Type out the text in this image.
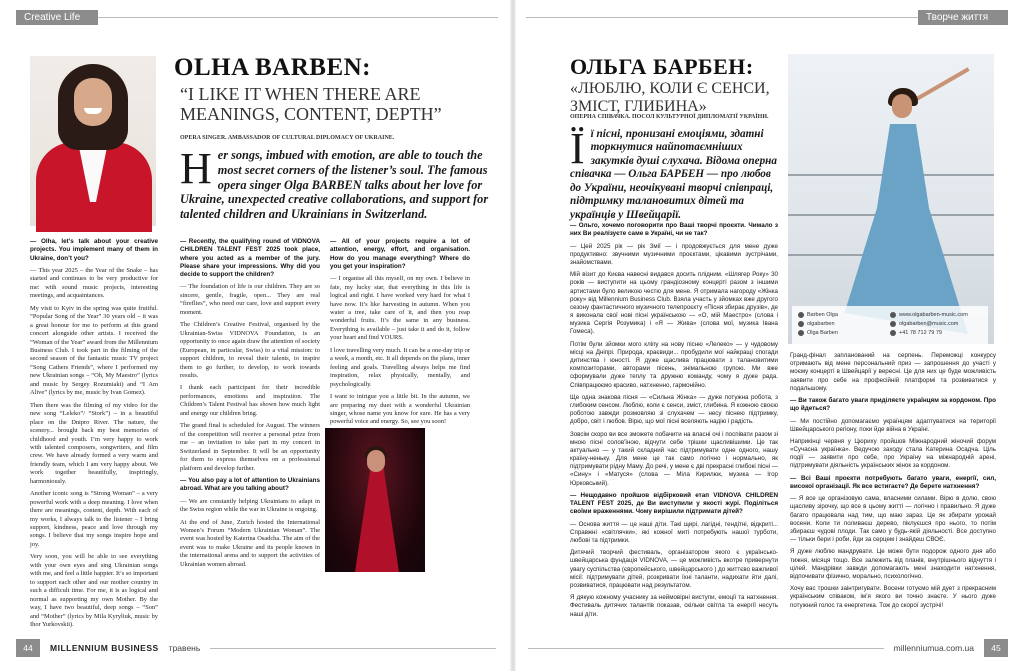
Creative Life	Творче життя
Barben Olga
olgabarben
Olga Barben
www.olgabarben-music.com
olgabarben@music.com
+41 78 712 79 79
OLHA BARBEN:
“I LIKE IT WHEN THERE ARE MEANINGS, CONTENT, DEPTH”
OPERA SINGER. AMBASSADOR OF CULTURAL DIPLOMACY OF UKRAINE.
Her songs, imbued with emotion, are able to touch the most secret corners of the listener’s soul. The famous opera singer Olga BARBEN talks about her love for Ukraine, unexpected creative collaborations, and support for talented children and Ukrainians in Switzerland.
ОЛЬГА БАРБЕН:
«ЛЮБЛЮ, КОЛИ Є СЕНСИ, ЗМІСТ, ГЛИБИНА»
ОПЕРНА СПІВАЧКА. ПОСОЛ КУЛЬТУРНОЇ ДИПЛОМАТІЇ УКРАЇНИ.
Її пісні, пронизані емоціями, здатні торкнутися найпотаємніших закутків душі слухача. Відома оперна співачка — Ольга БАРБЕН — про любов до України, неочікувані творчі співпраці, підтримку талановитих дітей та українців у Швейцарії.

— Olha, let’s talk about your creative projects. You implement many of them in Ukraine, don’t you?

— This year 2025 – the Year of the Snake – has started and continues to be very productive for me: with sound music projects, interesting meetings, and acquaintances.

My visit to Kyiv in the spring was quite fruitful. “Popular Song of the Year” 30 years old – it was a great honour for me to perform at this grand concert alongside other artists. I received the “Woman of the Year” award from the Millennium Business Club. I took part in the filming of the second season of the fantastic music TV project “Song Cathers Friends”, where I performed my new Ukrainian songs – “Oh, My Maestro” (lyrics and music by Sergey Rozumiaki) and “I Am Alive” (lyrics by me, music by Ivan Gomez).

Then there was the filming of my video for the new song “Leleko”/ “Stork”) – in a beautiful place on the Dnipro River. The nature, the scenery... brought back my best memories of childhood and youth. I’m very happy to work with talented composers, songwriters, and film crew. We have already formed a very warm and friendly team, which I am very happy about. We work together beautifully, inspiringly, harmoniously.

Another iconic song is “Strong Woman” – a very powerful work with a deep meaning. I love when there are meanings, content, depth. With each of my works, I always talk to the listener – I bring support, kindness, peace and love through my songs. I believe that my songs inspire hope and joy.

Very soon, you will be able to see everything with your own eyes and sing Ukrainian songs with me, and feel a little happier. It’s so important to support each other and our mother country in such a difficult time. For me, it is as logical and normal as supporting my own Mother. By the way, I have two beautiful, deep songs – “Son” and “Mother” (lyrics by Mila Kyryliuk, music by Ihor Yurkovskii).

— Recently, the qualifying round of VIDNOVA CHILDREN TALENT FEST 2025 took place, where you acted as a member of the jury. Please share your impressions. Why did you decide to support the children?

— The foundation of life is our children. They are so sincere, gentle, fragile, open... They are real “fireflies”, who need our care, love and support every moment.

The Children’s Creative Festival, organised by the Ukrainian-Swiss VIDNOVA Foundation, is an opportunity to once again draw the attention of society (European, in particular, Swiss) to a vital mission: to support children, to reveal their talents, to inspire them to go further, to develop, to work towards results.

I thank each participant for their incredible performances, emotions and inspiration. The Children’s Talent Festival has shown how much light and energy our children bring.

The grand final is scheduled for August. The winners of the competition will receive a personal prize from me – an invitation to take part in my concert in Switzerland in September. It will be an opportunity for them to express themselves on a professional platform and develop further.

— You also pay a lot of attention to Ukrainians abroad. What are you talking about?

— We are constantly helping Ukrainians to adapt in the Swiss region while the war in Ukraine is ongoing.

At the end of June, Zurich hosted the International Women’s Forum “Modern Ukrainian Woman”. The event was hosted by Katerina Osadcha. The aim of the event was to make Ukraine and its people known in the international arena and to support the activities of Ukrainian women abroad.

— All of your projects require a lot of attention, energy, effort, and organisation. How do you manage everything? Where do you get your inspiration?

— I organise all this myself, on my own. I believe in fate, my lucky star, that everything in this life is logical and right. I have worked very hard for what I have now. It’s like harvesting in autumn. When you water a tree, take care of it, and then you reap wonderful fruits. It’s the same in any business. Everything is available – just take it and do it, follow your heart and find YOURS.

I love travelling very much. It can be a one-day trip or a week, a month, etc. It all depends on the plans, inner feeling and goals. Travelling always helps me find inspiration, relax physically, mentally, and psychologically.

I want to intrigue you a little bit. In the autumn, we are preparing my duet with a wonderful Ukrainian singer, whose name you know for sure. He has a very powerful voice and energy. So, see you soon!

— Ольго, хочемо поговорити про Ваші творчі проєкти. Чимало з них Ви реалізуєте саме в Україні, чи не так?

— Цей 2025 рік — рік Змії — і продовжується для мене дуже продуктивно: звучними музичними проєктами, цікавими зустрічами, знайомствами.

Мій візит до Києва навесні видався досить плідним. «Шлягер Року» 30 років — виступити на цьому грандіозному концерті разом з іншими артистами було великою честю для мене. Я отримала нагороду «Жінка року» від Millennium Business Club. Взяла участь у зйомках вже другого сезону фантастичного музичного телепроєкту «Пісня збирає друзів», де я виконала свої нові пісні українською — «О, мій Маестро» (слова і музика Сергія Розумика) і «Я — Жива» (слова мої, музика Івана Гомеса).

Потім були зйомки мого кліпу на нову пісню «Лелеко» — у чудовому місці на Дніпрі. Природа, краєвиди... пробудили мої найкращі спогади дитинства і юності. Я дуже щаслива працювати з талановитими композиторами, авторами пісень, знімальною групою. Ми вже сформували дуже теплу та дружню команду, чому я дуже рада. Співпрацюємо красиво, натхненно, гармонійно.

Ще одна знакова пісня — «Сильна Жінка» — дуже потужна робота, з глибоким сенсом. Люблю, коли є сенси, зміст, глибина. Я кожною своєю роботою завжди розмовляю зі слухачем — несу піснею підтримку, добро, світ і любов. Вірю, що мої пісні вселяють надію і радість.

Зовсім скоро ви все зможете побачити на власні очі і поспівати разом зі мною пісні солов'їною, відчути себе трішки щасливішими. Це так актуально — у такий складний час підтримувати одне одного, нашу країну-неньку. Для мене це так само логічно і нормально, як підтримувати рідну Маму. До речі, у мене є дві прекрасні глибокі пісні — «Сину» і «Матуся» (слова — Міла Кирилюк, музика — Ігор Юрковський).

— Нещодавно пройшов відбірковий етап VIDNOVA CHILDREN TALENT FEST 2025, де Ви виступили у якості журі. Поділіться своїми враженнями. Чому вирішили підтримати дітей?

— Основа життя — це наші діти. Такі щирі, лагідні, тендітні, відкриті... Справжні «світлячки», які кожної миті потребують нашої турботи, любові та підтримки.

Дитячий творчий фестиваль, організатором якого є українсько-швейцарська фундація VIDNOVA, — це можливість вкотре привернути увагу суспільства (європейського, швейцарського ) до життєво важливої місії: підтримувати дітей, розкривати їхні таланти, надихати йти далі, розвиватися, працювати над результатом.

Я дякую кожному учаснику за неймовірні виступи, емоції та натхнення. Фестиваль дитячих талантів показав, скільки світла та енергії несуть наші діти.

Гранд-фінал запланований на серпень. Переможці конкурсу отримають від мене персональний приз — запрошення до участі у моєму концерті в Швейцарії у вересні. Це для них це буде можливість заявити про себе на професійній платформі та розвиватися у подальшому.

— Ви також багато уваги приділяєте українцям за кордоном. Про що йдеться?

— Ми постійно допомагаємо українцям адаптуватися на території Швейцарського регіону, поки йде війна в Україні.

Наприкінці червня у Цюриху пройшов Міжнародний жіночий форум «Сучасна українка». Ведучою заходу стала Катерина Осадча. Ціль події — заявити про себе, про Україну на міжнародній арені, підтримувати діяльність українських жінок за кордоном.

— Всі Ваші проєкти потребують багато уваги, енергії, сил, високої організації. Як все встигаєте? Де берете натхнення?

— Я все це організовую сама, власними силами. Вірю в долю, свою щасливу зірочку, що все в цьому житті — логічно і правильно. Я дуже багато працювала над тим, що маю зараз. Це як збирати урожай восени. Коли ти поливаєш дерево, піклуєшся про нього, то потім збираєш чудові плоди. Так само у будь-якій діяльності. Все доступно — тільки бери і роби, йди за серцем і знайдеш СВОЄ.

Я дуже люблю мандрувати. Це може бути подорож одного дня або тижня, місяця тощо. Все залежить від планів, внутрішнього відчуття і цілей. Мандрівки завжди допомагають мені знаходити натхнення, відпочивати фізично, морально, психологічно.

Хочу вас трошки заінтригувати. Восени готуємо мій дует з прекрасним українським співаком, ім’я якого ви точно знаєте. У нього дуже потужний голос та енергетика. Тож до скорої зустрічі!

44	MILLENNIUM BUSINESS травень	millenniumua.com.ua	45
